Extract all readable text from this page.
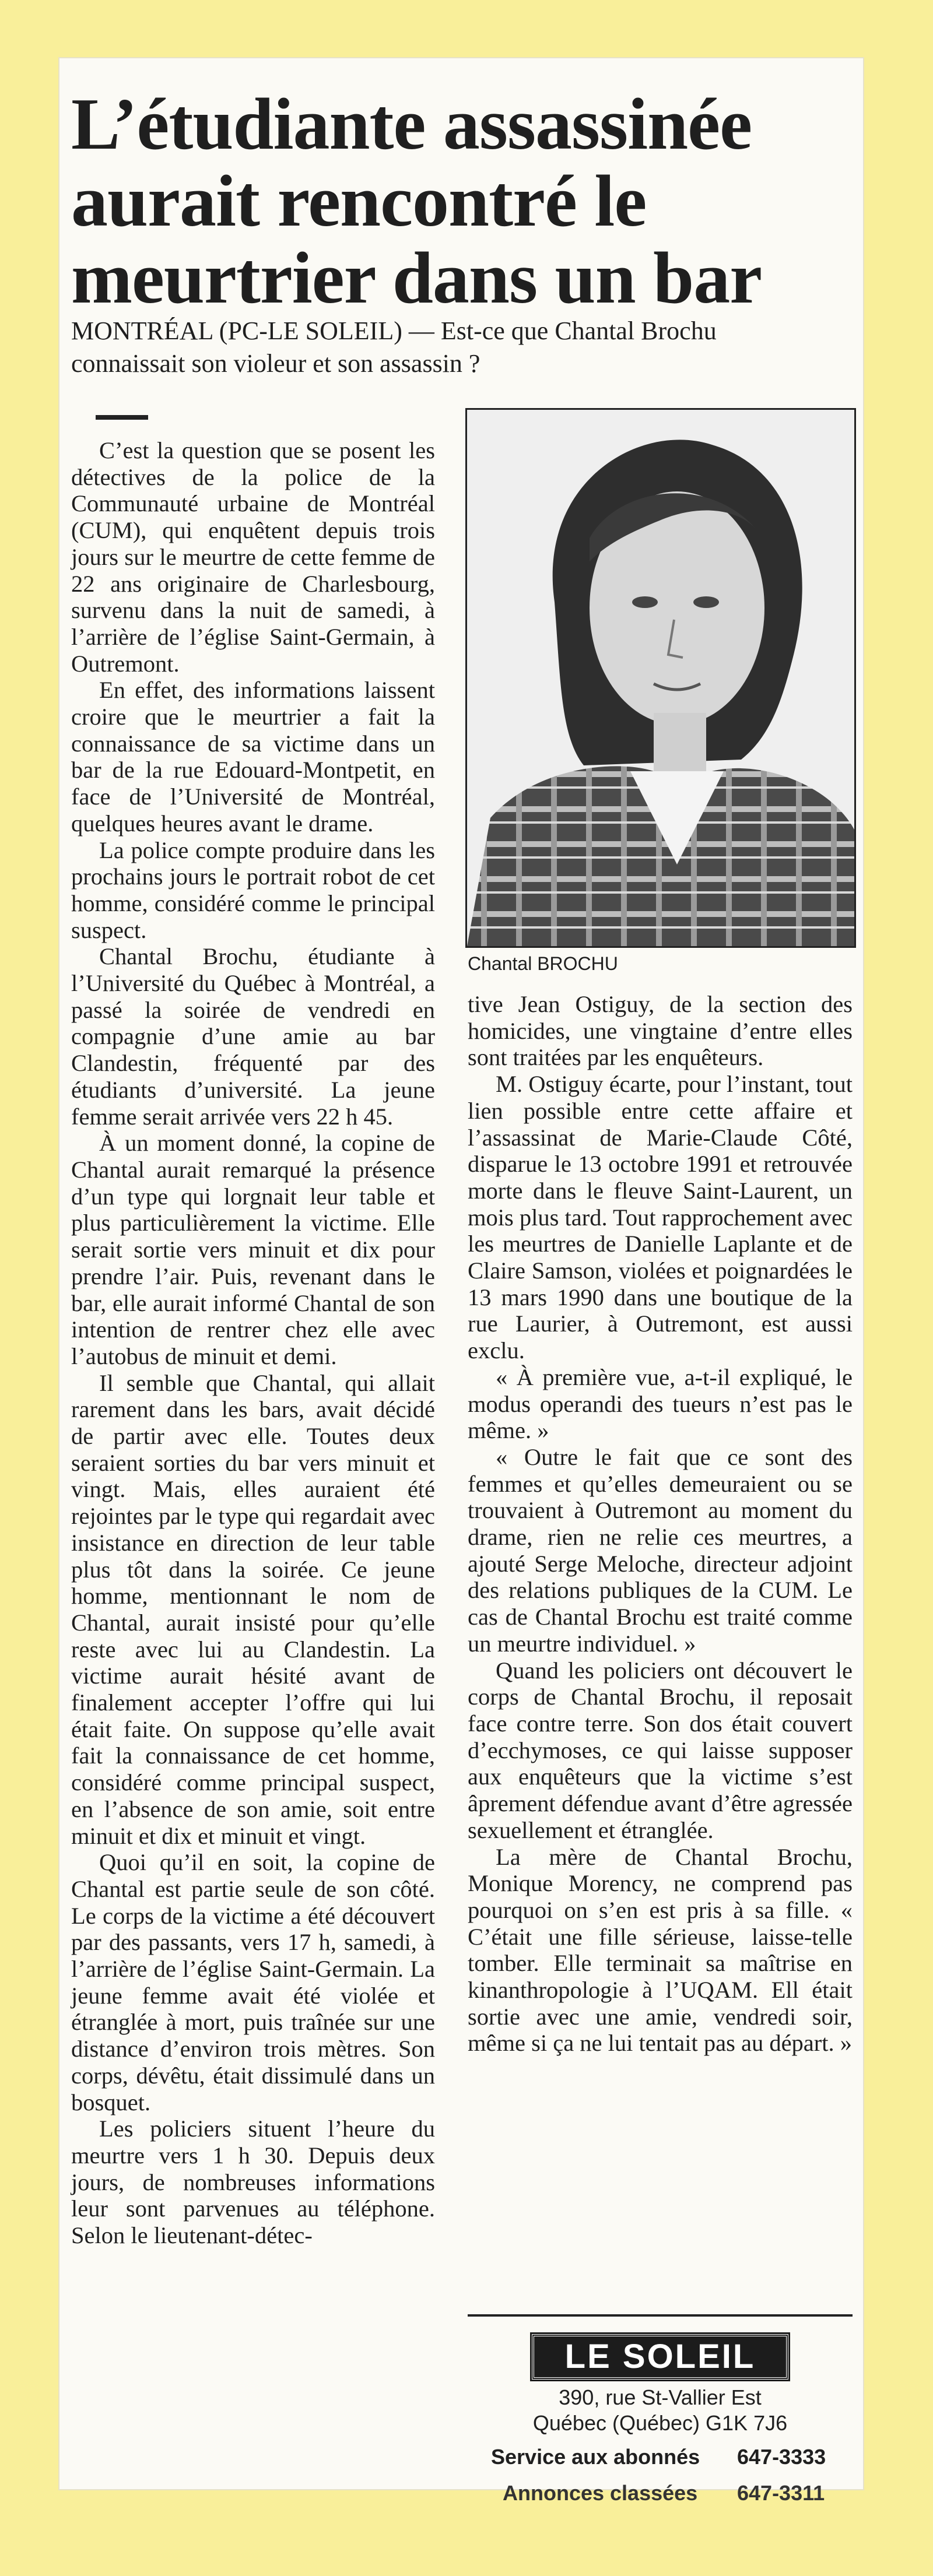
L’étudiante assassinée aurait rencontré le meurtrier dans un bar
MONTRÉAL (PC-LE SOLEIL) — Est-ce que Chantal Brochu connaissait son violeur et son assassin ?

C’est la question que se posent les détectives de la police de la Communauté urbaine de Montréal (CUM), qui enquêtent depuis trois jours sur le meurtre de cette femme de 22 ans originaire de Charlesbourg, survenu dans la nuit de samedi, à l’arrière de l’église Saint-Germain, à Outremont.

En effet, des informations laissent croire que le meurtrier a fait la connaissance de sa victime dans un bar de la rue Edouard-Montpetit, en face de l’Université de Montréal, quelques heures avant le drame.

La police compte produire dans les prochains jours le portrait robot de cet homme, considéré comme le principal suspect.

Chantal Brochu, étudiante à l’Université du Québec à Montréal, a passé la soirée de vendredi en compagnie d’une amie au bar Clandestin, fréquenté par des étudiants d’université. La jeune femme serait arrivée vers 22 h 45.

À un moment donné, la copine de Chantal aurait remarqué la présence d’un type qui lorgnait leur table et plus particulièrement la victime. Elle serait sortie vers minuit et dix pour prendre l’air. Puis, revenant dans le bar, elle aurait informé Chantal de son intention de rentrer chez elle avec l’autobus de minuit et demi.

Il semble que Chantal, qui allait rarement dans les bars, avait décidé de partir avec elle. Toutes deux seraient sorties du bar vers minuit et vingt. Mais, elles auraient été rejointes par le type qui regardait avec insistance en direction de leur table plus tôt dans la soirée. Ce jeune homme, mentionnant le nom de Chantal, aurait insisté pour qu’elle reste avec lui au Clandestin. La victime aurait hésité avant de finalement accepter l’offre qui lui était faite. On suppose qu’elle avait fait la connaissance de cet homme, considéré comme principal suspect, en l’absence de son amie, soit entre minuit et dix et minuit et vingt.

Quoi qu’il en soit, la copine de Chantal est partie seule de son côté. Le corps de la victime a été découvert par des passants, vers 17 h, samedi, à l’arrière de l’église Saint-Germain. La jeune femme avait été violée et étranglée à mort, puis traînée sur une distance d’environ trois mètres. Son corps, dévêtu, était dissimulé dans un bosquet.

Les policiers situent l’heure du meurtre vers 1 h 30. Depuis deux jours, de nombreuses informations leur sont parvenues au téléphone. Selon le lieutenant-détec-

Chantal BROCHU

tive Jean Ostiguy, de la section des homicides, une vingtaine d’entre elles sont traitées par les enquêteurs.

M. Ostiguy écarte, pour l’instant, tout lien possible entre cette affaire et l’assassinat de Marie-Claude Côté, disparue le 13 octobre 1991 et retrouvée morte dans le fleuve Saint-Laurent, un mois plus tard. Tout rapprochement avec les meurtres de Danielle Laplante et de Claire Samson, violées et poignardées le 13 mars 1990 dans une boutique de la rue Laurier, à Outremont, est aussi exclu.

« À première vue, a-t-il expliqué, le modus operandi des tueurs n’est pas le même. »

« Outre le fait que ce sont des femmes et qu’elles demeuraient ou se trouvaient à Outremont au moment du drame, rien ne relie ces meurtres, a ajouté Serge Meloche, directeur adjoint des relations publiques de la CUM. Le cas de Chantal Brochu est traité comme un meurtre individuel. »

Quand les policiers ont découvert le corps de Chantal Brochu, il reposait face contre terre. Son dos était couvert d’ecchymoses, ce qui laisse supposer aux enquêteurs que la victime s’est âprement défendue avant d’être agressée sexuellement et étranglée.

La mère de Chantal Brochu, Monique Morency, ne comprend pas pourquoi on s’en est pris à sa fille. « C’était une fille sérieuse, laisse-telle tomber. Elle terminait sa maîtrise en kinanthropologie à l’UQAM. Ell était sortie avec une amie, vendredi soir, même si ça ne lui tentait pas au départ. »

LE SOLEIL
390, rue St-Vallier Est
Québec (Québec) G1K 7J6
Service aux abonnés 647-3333
Annonces classées 647-3311
